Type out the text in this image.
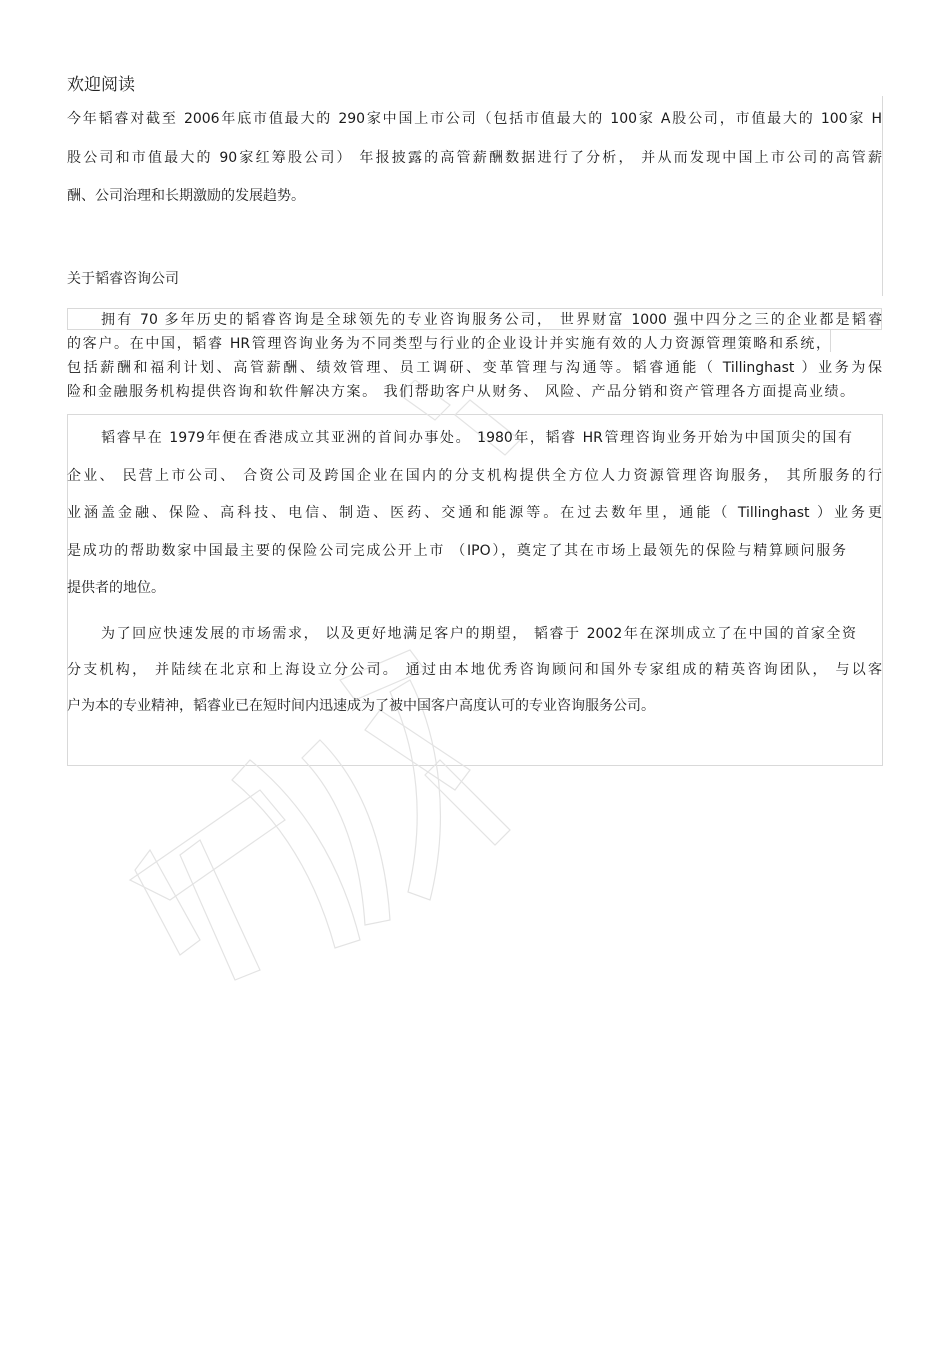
欢迎阅读
今年韬睿对截至 2006年底市值最大的 290家中国上市公司（包括市值最大的 100家 A股公司，市值最大的 100家 H
股公司和市值最大的 90家红筹股公司） 年报披露的高管薪酬数据进行了分析， 并从而发现中国上市公司的高管薪
酬、公司治理和长期激励的发展趋势。
关于韬睿咨询公司
拥有 70 多年历史的韬睿咨询是全球领先的专业咨询服务公司， 世界财富 1000 强中四分之三的企业都是韬睿
的客户。在中国，韬睿 HR管理咨询业务为不同类型与行业的企业设计并实施有效的人力资源管理策略和系统，
包括薪酬和福利计划、高管薪酬、绩效管理、员工调研、变革管理与沟通等。韬睿通能（ Tillinghast ）业务为保
险和金融服务机构提供咨询和软件解决方案。 我们帮助客户从财务、 风险、产品分销和资产管理各方面提高业绩。
韬睿早在 1979年便在香港成立其亚洲的首间办事处。 1980年，韬睿 HR管理咨询业务开始为中国顶尖的国有
企业、 民营上市公司、 合资公司及跨国企业在国内的分支机构提供全方位人力资源管理咨询服务， 其所服务的行
业涵盖金融、保险、高科技、电信、制造、医药、交通和能源等。在过去数年里，通能（ Tillinghast ）业务更
是成功的帮助数家中国最主要的保险公司完成公开上市 （IPO），奠定了其在市场上最领先的保险与精算顾问服务
提供者的地位。
为了回应快速发展的市场需求， 以及更好地满足客户的期望， 韬睿于 2002年在深圳成立了在中国的首家全资
分支机构， 并陆续在北京和上海设立分公司。 通过由本地优秀咨询顾问和国外专家组成的精英咨询团队， 与以客
户为本的专业精神，韬睿业已在短时间内迅速成为了被中国客户高度认可的专业咨询服务公司。
